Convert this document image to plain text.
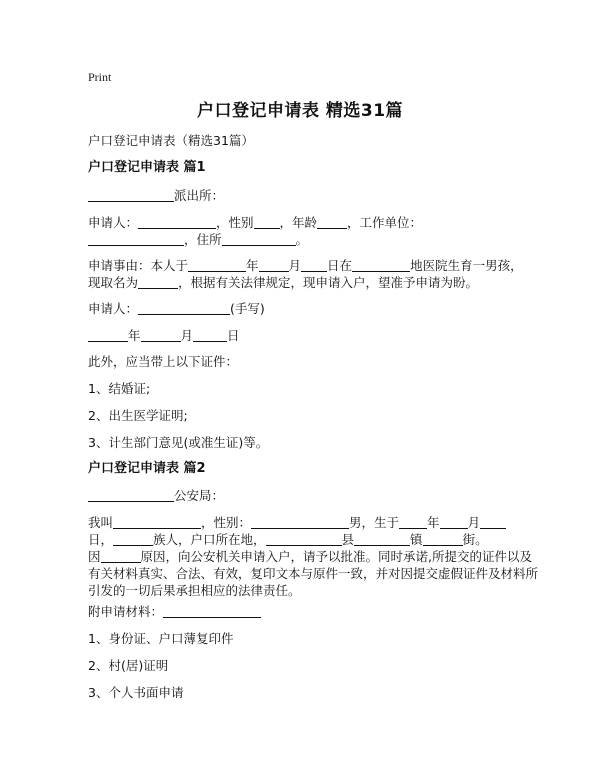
Print
户口登记申请表 精选31篇
户口登记申请表（精选31篇）
户口登记申请表 篇1
派出所：
申请人：	，性别 ，年龄 ，工作单位：
，住所	。
申请事由：本人于	年 月 日在	地医院生育一男孩，
现取名为	，根据有关法律规定，现申请入户，望准予申请为盼。
申请人：	(手写)
年	月	日
此外，应当带上以下证件：
1、结婚证;
2、出生医学证明;
3、计生部门意见(或准生证)等。
户口登记申请表 篇2
公安局：
我叫	，性别：	男，生于 年 月
日，	族人，户口所在地，	县	镇	街。
因	原因，向公安机关申请入户，请予以批准。同时承诺,所提交的证件以及
有关材料真实、合法、有效，复印文本与原件一致，并对因提交虚假证件及材料所
引发的一切后果承担相应的法律责任。
附申请材料：
1、身份证、户口薄复印件
2、村(居)证明
3、个人书面申请
